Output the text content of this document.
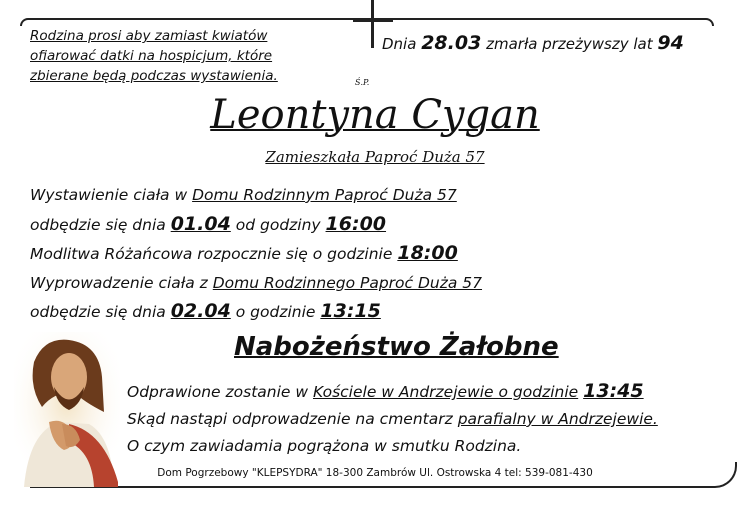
Rodzina prosi aby zamiast kwiatów
ofiarować datki na hospicjum, które
zbierane będą podczas wystawienia.
Dnia 28.03 zmarła przeżywszy lat 94
Ś.P.
Leontyna Cygan
Zamieszkała Paproć Duża 57
Wystawienie ciała w Domu Rodzinnym Paproć Duża 57
odbędzie się dnia 01.04 od godziny 16:00
Modlitwa Różańcowa rozpocznie się o godzinie 18:00
Wyprowadzenie ciała z Domu Rodzinnego Paproć Duża 57
odbędzie się dnia 02.04 o godzinie 13:15
Nabożeństwo Żałobne
Odprawione zostanie w Kościele w Andrzejewie o godzinie 13:45
Skąd nastąpi odprowadzenie na cmentarz parafialny w Andrzejewie.
O czym zawiadamia pogrążona w smutku Rodzina.
Dom Pogrzebowy "KLEPSYDRA" 18-300 Zambrów Ul. Ostrowska 4 tel: 539-081-430
